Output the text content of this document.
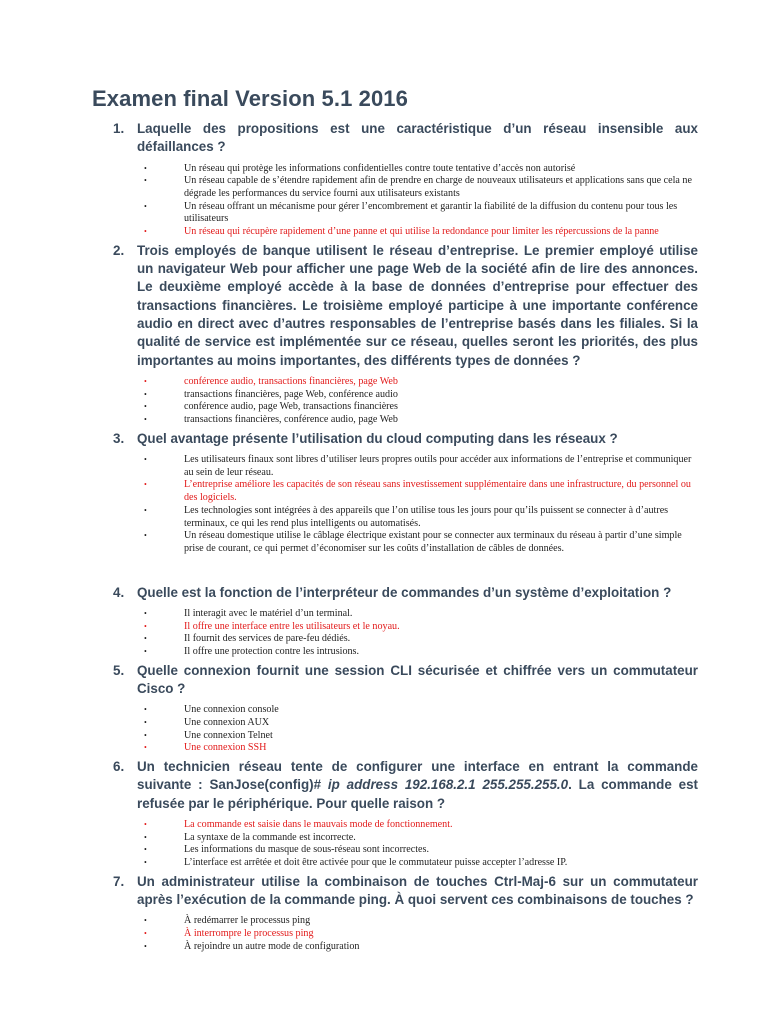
Examen final Version 5.1 2016

1. Laquelle des propositions est une caractéristique d’un réseau insensible aux défaillances ?

•	Un réseau qui protège les informations confidentielles contre toute tentative d’accès non autorisé
•	Un réseau capable de s’étendre rapidement afin de prendre en charge de nouveaux utilisateurs et applications sans que cela ne dégrade les performances du service fourni aux utilisateurs existants
•	Un réseau offrant un mécanisme pour gérer l’encombrement et garantir la fiabilité de la diffusion du contenu pour tous les utilisateurs
•	Un réseau qui récupère rapidement d’une panne et qui utilise la redondance pour limiter les répercussions de la panne

2. Trois employés de banque utilisent le réseau d’entreprise. Le premier employé utilise un navigateur Web pour afficher une page Web de la société afin de lire des annonces. Le deuxième employé accède à la base de données d’entreprise pour effectuer des transactions financières. Le troisième employé participe à une importante conférence audio en direct avec d’autres responsables de l’entreprise basés dans les filiales. Si la qualité de service est implémentée sur ce réseau, quelles seront les priorités, des plus importantes au moins importantes, des différents types de données ?

•	conférence audio, transactions financières, page Web
•	transactions financières, page Web, conférence audio
•	conférence audio, page Web, transactions financières
•	transactions financières, conférence audio, page Web

3. Quel avantage présente l’utilisation du cloud computing dans les réseaux ?

•	Les utilisateurs finaux sont libres d’utiliser leurs propres outils pour accéder aux informations de l’entreprise et communiquer au sein de leur réseau.
•	L’entreprise améliore les capacités de son réseau sans investissement supplémentaire dans une infrastructure, du personnel ou des logiciels.
•	Les technologies sont intégrées à des appareils que l’on utilise tous les jours pour qu’ils puissent se connecter à d’autres terminaux, ce qui les rend plus intelligents ou automatisés.
•	Un réseau domestique utilise le câblage électrique existant pour se connecter aux terminaux du réseau à partir d’une simple prise de courant, ce qui permet d’économiser sur les coûts d’installation de câbles de données.

4. Quelle est la fonction de l’interpréteur de commandes d’un système d’exploitation ?

•	Il interagit avec le matériel d’un terminal.
•	Il offre une interface entre les utilisateurs et le noyau.
•	Il fournit des services de pare-feu dédiés.
•	Il offre une protection contre les intrusions.

5. Quelle connexion fournit une session CLI sécurisée et chiffrée vers un commutateur Cisco ?

•	Une connexion console
•	Une connexion AUX
•	Une connexion Telnet
•	Une connexion SSH

6. Un technicien réseau tente de configurer une interface en entrant la commande suivante : SanJose(config)# ip address 192.168.2.1 255.255.255.0. La commande est refusée par le périphérique. Pour quelle raison ?

•	La commande est saisie dans le mauvais mode de fonctionnement.
•	La syntaxe de la commande est incorrecte.
•	Les informations du masque de sous-réseau sont incorrectes.
•	L’interface est arrêtée et doit être activée pour que le commutateur puisse accepter l’adresse IP.

7. Un administrateur utilise la combinaison de touches Ctrl-Maj-6 sur un commutateur après l’exécution de la commande ping. À quoi servent ces combinaisons de touches ?

•	À redémarrer le processus ping
•	À interrompre le processus ping
•	À rejoindre un autre mode de configuration
